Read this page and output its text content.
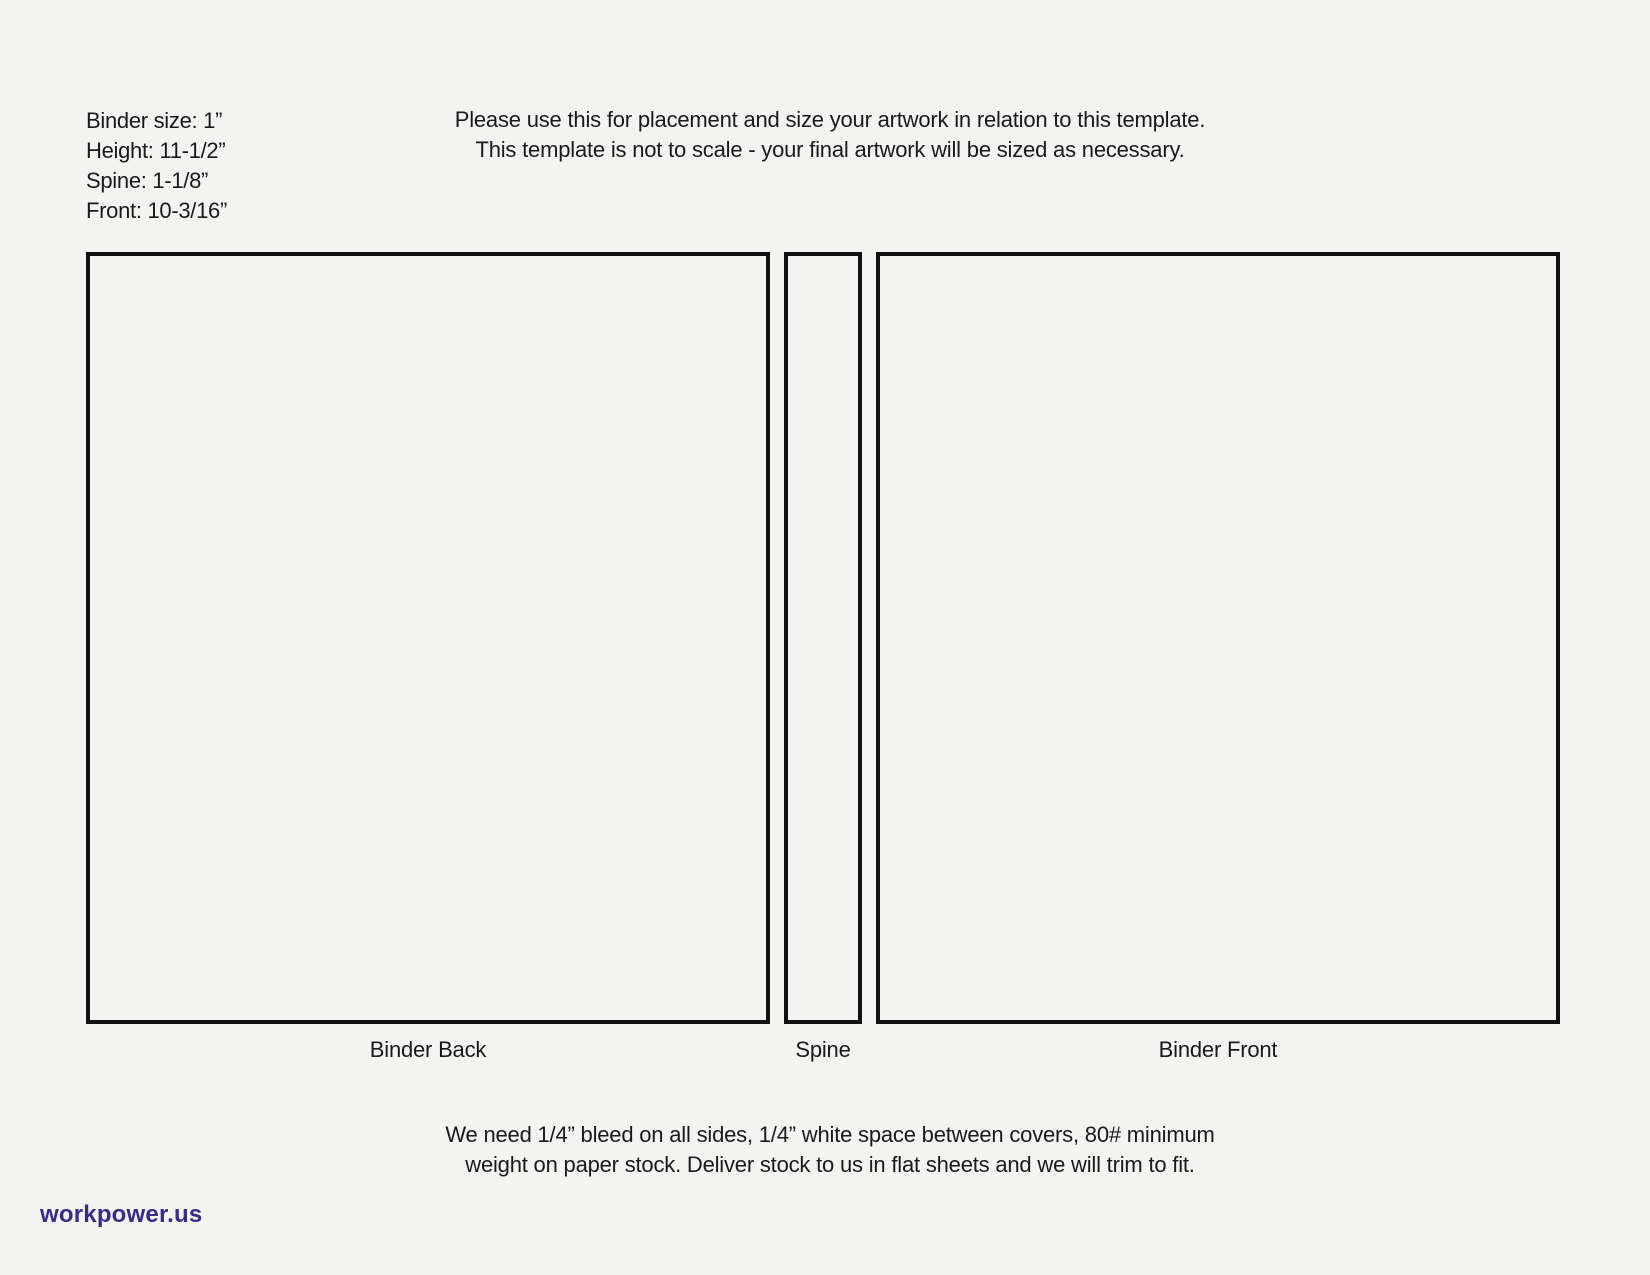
Binder size: 1”
Height: 11-1/2”
Spine: 1-1/8”
Front: 10-3/16”
Please use this for placement and size your artwork in relation to this template.
This template is not to scale - your final artwork will be sized as necessary.
Binder Back	Spine	Binder Front
We need 1/4” bleed on all sides, 1/4” white space between covers, 80# minimum
weight on paper stock. Deliver stock to us in flat sheets and we will trim to fit.
workpower.us
